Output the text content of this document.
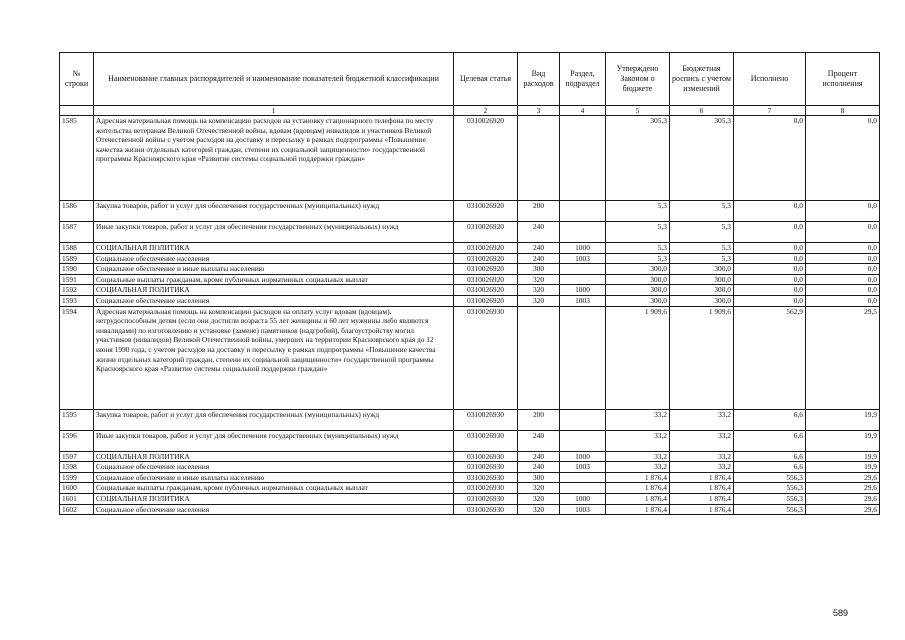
№ строки	Наименование главных распорядителей и наименование показателей бюджетной классификации	Целевая статья	Вид расходов	Раздел, подраздел	Утверждено Законом о бюджете	Бюджетная роспись с учетом изменений	Исполнено	Процент исполнения
	1	2	3	4	5	6	7	8
1585	Адресная материальная помощь на компенсацию расходов на установку стационарного телефона по месту жительства ветеранам Великой Отечественной войны, вдовам (вдовцам) инвалидов и участников Великой Отечественной войны с учетом расходов на доставку и пересылку в рамках подпрограммы «Повышение качества жизни отдельных категорий граждан, степени их социальной защищенности» государственной программы Красноярского края «Развитие системы социальной поддержки граждан»	0310026920			305,3	305,3	0,0	0,0
1586	Закупка товаров, работ и услуг для обеспечения государственных (муниципальных) нужд	0310026920	200		5,3	5,3	0,0	0,0
1587	Иные закупки товаров, работ и услуг для обеспечения государственных (муниципальных) нужд	0310026920	240		5,3	5,3	0,0	0,0
1588	СОЦИАЛЬНАЯ ПОЛИТИКА	0310026920	240	1000	5,3	5,3	0,0	0,0
1589	Социальное обеспечение населения	0310026920	240	1003	5,3	5,3	0,0	0,0
1590	Социальное обеспечение и иные выплаты населению	0310026920	300		300,0	300,0	0,0	0,0
1591	Социальные выплаты гражданам, кроме публичных нормативных социальных выплат	0310026920	320		300,0	300,0	0,0	0,0
1592	СОЦИАЛЬНАЯ ПОЛИТИКА	0310026920	320	1000	300,0	300,0	0,0	0,0
1593	Социальное обеспечение населения	0310026920	320	1003	300,0	300,0	0,0	0,0
1594	Адресная материальная помощь на компенсацию расходов на оплату услуг вдовам (вдовцам), нетрудоспособным детям (если они достигли возраста 55 лет женщины и 60 лет мужчины либо являются инвалидами) по изготовлению и установке (замене) памятников (надгробий), благоустройству могил участников (инвалидов) Великой Отечественной войны, умерших на территории Красноярского края до 12 июня 1990 года, с учетом расходов на доставку и пересылку в рамках подпрограммы «Повышение качества жизни отдельных категорий граждан, степени их социальной защищенности» государственной программы Красноярского края «Развитие системы социальной поддержки граждан»	0310026930			1 909,6	1 909,6	562,9	29,5
1595	Закупка товаров, работ и услуг для обеспечения государственных (муниципальных) нужд	0310026930	200		33,2	33,2	6,6	19,9
1596	Иные закупки товаров, работ и услуг для обеспечения государственных (муниципальных) нужд	0310026930	240		33,2	33,2	6,6	19,9
1597	СОЦИАЛЬНАЯ ПОЛИТИКА	0310026930	240	1000	33,2	33,2	6,6	19,9
1598	Социальное обеспечение населения	0310026930	240	1003	33,2	33,2	6,6	19,9
1599	Социальное обеспечение и иные выплаты населению	0310026930	300		1 876,4	1 876,4	556,3	29,6
1600	Социальные выплаты гражданам, кроме публичных нормативных социальных выплат	0310026930	320		1 876,4	1 876,4	556,3	29,6
1601	СОЦИАЛЬНАЯ ПОЛИТИКА	0310026930	320	1000	1 876,4	1 876,4	556,3	29,6
1602	Социальное обеспечение населения	0310026930	320	1003	1 876,4	1 876,4	556,3	29,6
589
